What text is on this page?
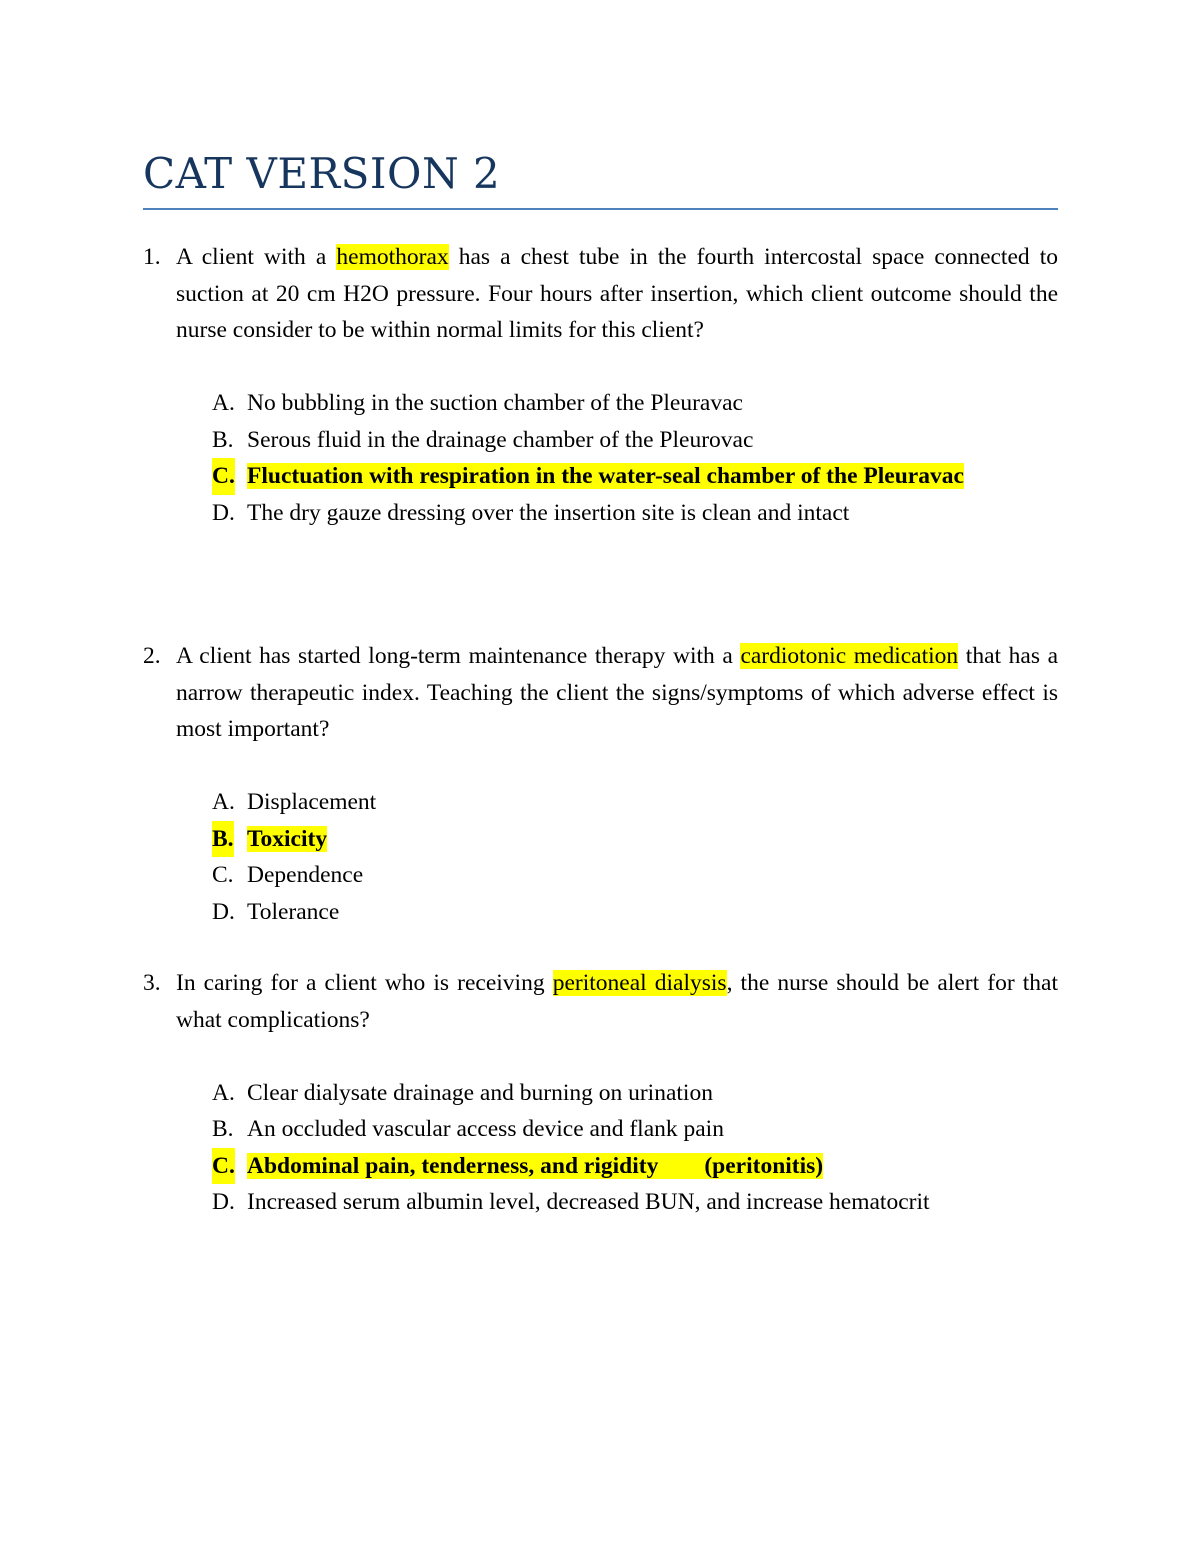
CAT VERSION 2
1. A client with a hemothorax has a chest tube in the fourth intercostal space connected to suction at 20 cm H2O pressure. Four hours after insertion, which client outcome should the nurse consider to be within normal limits for this client?
A. No bubbling in the suction chamber of the Pleuravac
B. Serous fluid in the drainage chamber of the Pleurovac
C. Fluctuation with respiration in the water-seal chamber of the Pleuravac
D. The dry gauze dressing over the insertion site is clean and intact
2. A client has started long-term maintenance therapy with a cardiotonic medication that has a narrow therapeutic index. Teaching the client the signs/symptoms of which adverse effect is most important?
A. Displacement
B. Toxicity
C. Dependence
D. Tolerance
3. In caring for a client who is receiving peritoneal dialysis, the nurse should be alert for that what complications?
A. Clear dialysate drainage and burning on urination
B. An occluded vascular access device and flank pain
C. Abdominal pain, tenderness, and rigidity (peritonitis)
D. Increased serum albumin level, decreased BUN, and increase hematocrit
